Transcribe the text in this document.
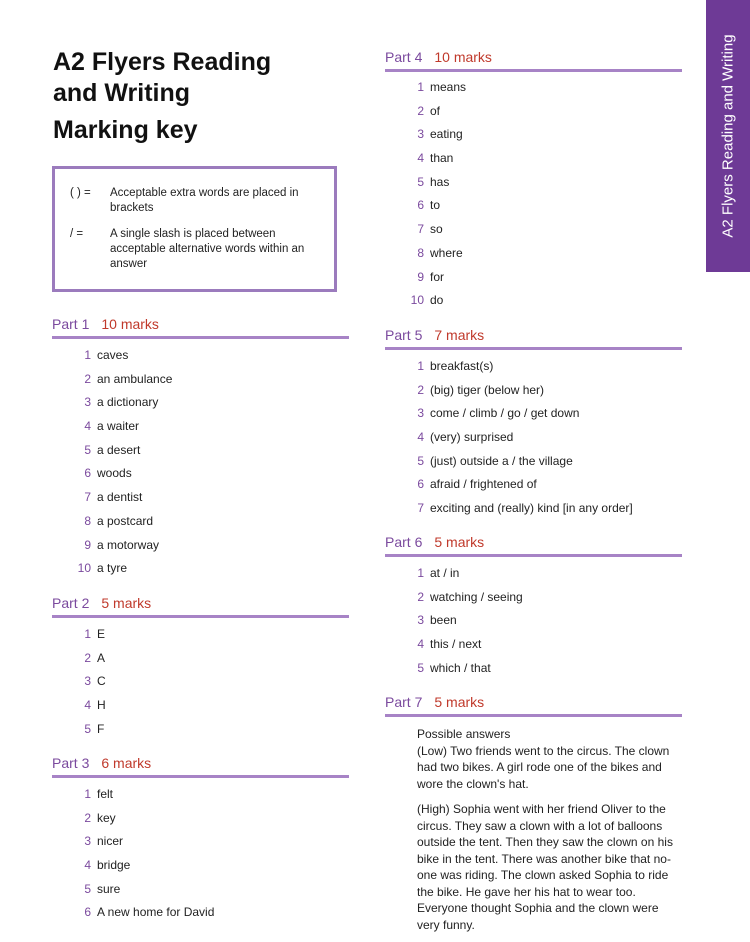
A2 Flyers Reading
and Writing

Marking key
( ) =	Acceptable extra words are placed in brackets
/ =	A single slash is placed between acceptable alternative words within an answer
Part 1 10 marks
1 caves
2 an ambulance
3 a dictionary
4 a waiter
5 a desert
6 woods
7 a dentist
8 a postcard
9 a motorway
10 a tyre
Part 2 5 marks
1 E
2 A
3 C
4 H
5 F
Part 3 6 marks
1 felt
2 key
3 nicer
4 bridge
5 sure
6 A new home for David
Part 4 10 marks
1 means
2 of
3 eating
4 than
5 has
6 to
7 so
8 where
9 for
10 do
Part 5 7 marks
1 breakfast(s)
2 (big) tiger (below her)
3 come / climb / go / get down
4 (very) surprised
5 (just) outside a / the village
6 afraid / frightened of
7 exciting and (really) kind [in any order]
Part 6 5 marks
1 at / in
2 watching / seeing
3 been
4 this / next
5 which / that
Part 7 5 marks

Possible answers

(Low) Two friends went to the circus. The clown had two bikes. A girl rode one of the bikes and wore the clown's hat.

(High) Sophia went with her friend Oliver to the circus. They saw a clown with a lot of balloons outside the tent. Then they saw the clown on his bike in the tent. There was another bike that no-one was riding. The clown asked Sophia to ride the bike. He gave her his hat to wear too. Everyone thought Sophia and the clown were very funny.

A2 Flyers Reading and Writing
